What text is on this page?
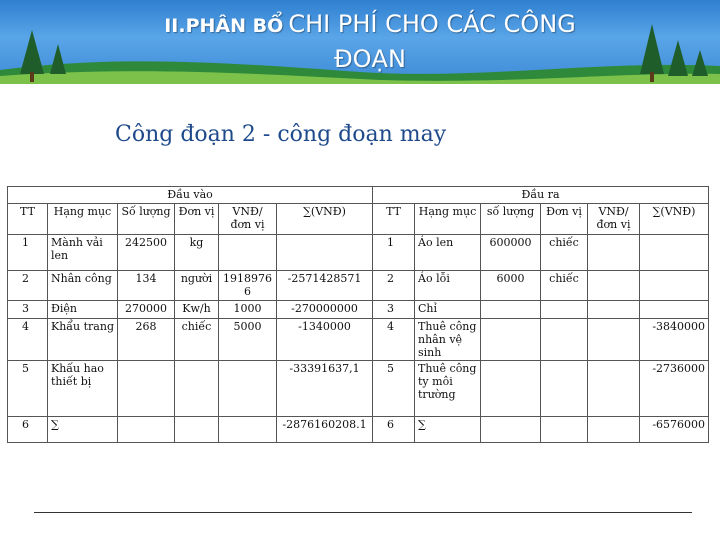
II.PHÂN BỔ CHI PHÍ CHO CÁC CÔNG
ĐOẠN
Công đoạn 2 - công đoạn may
Đầu vào						Đầu ra					
TT	Hạng mục	Số lượng	Đơn vị	VNĐ/ đơn vị	∑(VNĐ)	TT	Hạng mục	số lượng	Đơn vị	VNĐ/ đơn vị	∑(VNĐ)
1	Mành vải len	242500	kg			1	Áo len	600000	chiếc		
2	Nhân công	134	người	1918976 6	-2571428571	2	Áo lỗi	6000	chiếc		
3	Điện	270000	Kw/h	1000	-270000000	3	Chỉ				
4	Khẩu trang	268	chiếc	5000	-1340000	4	Thuê công nhân vệ sinh				-3840000
5	Khấu hao thiết bị				-33391637,1	5	Thuê công ty môi trường				-2736000
6	∑				-2876160208.1	6	∑				-6576000
